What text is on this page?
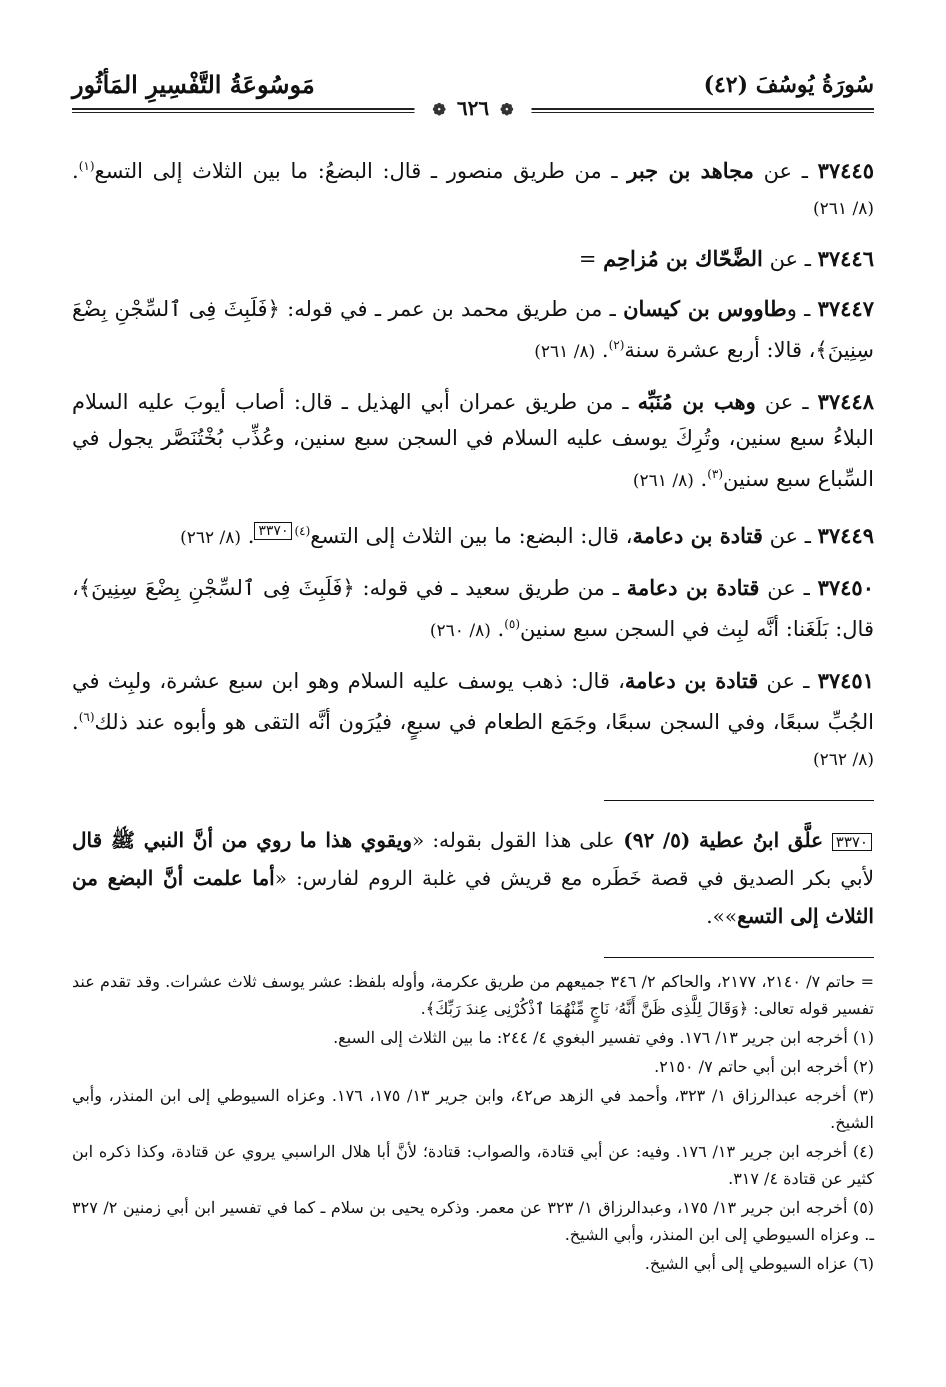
سُورَةُ يُوسُفَ (٤٢)
مَوسُوعَةُ التَّفْسِيرِ المَأثُور
❁ ٦٢٦ ❁

٣٧٤٤٥ ـ عن مجاهد بن جبر ـ من طريق منصور ـ قال: البضعُ: ما بين الثلاث إلى التسع$^{(١)}$. (٨/ ٢٦١)

٣٧٤٤٦ ـ عن الضَّحّاك بن مُزاحِم =

٣٧٤٤٧ ـ وطاووس بن كيسان ـ من طريق محمد بن عمر ـ في قوله: ﴿فَلَبِثَ فِى ٱلسِّجْنِ بِضْعَ سِنِينَ﴾، قالا: أربع عشرة سنة$^{(٢)}$. (٨/ ٢٦١)

٣٧٤٤٨ ـ عن وهب بن مُنَبِّه ـ من طريق عمران أبي الهذيل ـ قال: أصاب أيوبَ عليه السلام البلاءُ سبع سنين، وتُرِكَ يوسف عليه السلام في السجن سبع سنين، وعُذِّب بُخْتُنَصَّر يجول في السِّباع سبع سنين$^{(٣)}$. (٨/ ٢٦١)

٣٧٤٤٩ ـ عن قتادة بن دعامة، قال: البضع: ما بين الثلاث إلى التسع$^{(٤)}$٣٣٧٠. (٨/ ٢٦٢)

٣٧٤٥٠ ـ عن قتادة بن دعامة ـ من طريق سعيد ـ في قوله: ﴿فَلَبِثَ فِى ٱلسِّجْنِ بِضْعَ سِنِينَ﴾، قال: بَلَغَنا: أنَّه لبِث في السجن سبع سنين$^{(٥)}$. (٨/ ٢٦٠)

٣٧٤٥١ ـ عن قتادة بن دعامة، قال: ذهب يوسف عليه السلام وهو ابن سبع عشرة، ولبِث في الجُبِّ سبعًا، وفي السجن سبعًا، وجَمَع الطعام في سبعٍ، فيُرَون أنَّه التقى هو وأبوه عند ذلك$^{(٦)}$. (٨/ ٢٦٢)

٣٣٧٠ علَّق ابنُ عطية (٥/ ٩٢) على هذا القول بقوله: «ويقوي هذا ما روي من أنَّ النبي ﷺ قال لأبي بكر الصديق في قصة خَطَره مع قريش في غلبة الروم لفارس: «أما علمت أنَّ البضع من الثلاث إلى التسع»».

= حاتم ٧/ ٢١٤٠، ٢١٧٧، والحاكم ٢/ ٣٤٦ جميعهم من طريق عكرمة، وأوله بلفظ: عشر يوسف ثلاث عشرات. وقد تقدم عند تفسير قوله تعالى: ﴿وَقَالَ لِلَّذِى ظَنَّ أَنَّهُۥ نَاجٍ مِّنْهُمَا ٱذْكُرْنِى عِندَ رَبِّكَ﴾.

(١) أخرجه ابن جرير ١٣/ ١٧٦. وفي تفسير البغوي ٤/ ٢٤٤: ما بين الثلاث إلى السبع.

(٢) أخرجه ابن أبي حاتم ٧/ ٢١٥٠.

(٣) أخرجه عبدالرزاق ١/ ٣٢٣، وأحمد في الزهد ص٤٢، وابن جرير ١٣/ ١٧٥، ١٧٦. وعزاه السيوطي إلى ابن المنذر، وأبي الشيخ.

(٤) أخرجه ابن جرير ١٣/ ١٧٦. وفيه: عن أبي قتادة، والصواب: قتادة؛ لأنَّ أبا هلال الراسبي يروي عن قتادة، وكذا ذكره ابن كثير عن قتادة ٤/ ٣١٧.

(٥) أخرجه ابن جرير ١٣/ ١٧٥، وعبدالرزاق ١/ ٣٢٣ عن معمر. وذكره يحيى بن سلام ـ كما في تفسير ابن أبي زمنين ٢/ ٣٢٧ ـ. وعزاه السيوطي إلى ابن المنذر، وأبي الشيخ.

(٦) عزاه السيوطي إلى أبي الشيخ.
